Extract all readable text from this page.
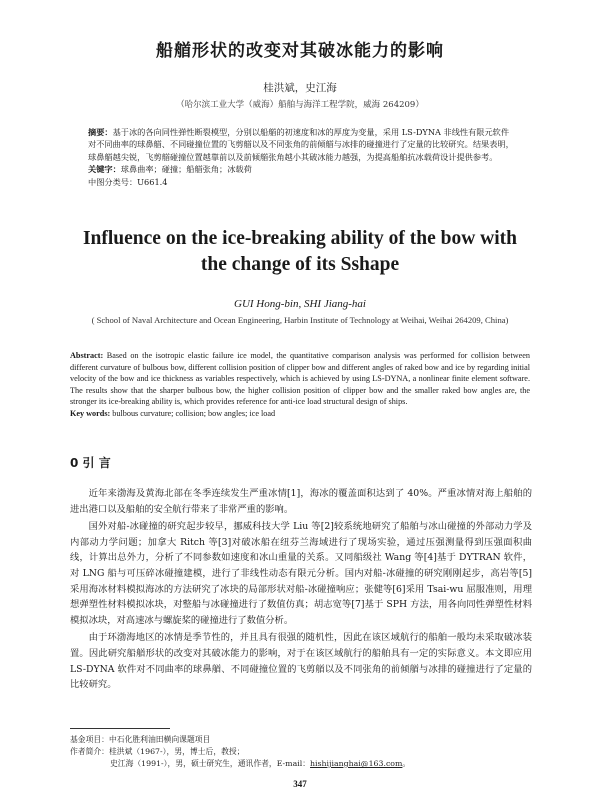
船艏形状的改变对其破冰能力的影响
桂洪斌，史江海
（哈尔滨工业大学（威海）船舶与海洋工程学院，威海 264209）

摘要：基于冰的各向同性弹性断裂模型，分别以船艏的初速度和冰的厚度为变量，采用 LS-DYNA 非线性有限元软件对不同曲率的球鼻艏、不同碰撞位置的飞剪艏以及不同张角的前倾艏与冰排的碰撞进行了定量的比较研究。结果表明，球鼻艏越尖锐，飞剪艏碰撞位置越靠前以及前倾艏张角越小其破冰能力越强，为提高船舶抗冰载荷设计提供参考。

关键字：球鼻曲率；碰撞；船艏张角；冰载荷

中图分类号：U661.4

Influence on the ice-breaking ability of the bow with
the change of its Sshape
GUI Hong-bin, SHI Jiang-hai
( School of Naval Architecture and Ocean Engineering, Harbin Institute of Technology at Weihai, Weihai 264209, China)

Abstract: Based on the isotropic elastic failure ice model, the quantitative comparison analysis was performed for collision between different curvature of bulbous bow, different collision position of clipper bow and different angles of raked bow and ice by regarding initial velocity of the bow and ice thickness as variables respectively, which is achieved by using LS-DYNA, a nonlinear finite element software. The results show that the sharper bulbous bow, the higher collision position of clipper bow and the smaller raked bow angles are, the stronger its ice-breaking ability is, which provides reference for anti-ice load structural design of ships.

Key words: bulbous curvature; collision; bow angles; ice load

0 引 言

近年来渤海及黄海北部在冬季连续发生严重冰情[1]，海冰的覆盖面积达到了 40%。严重冰情对海上船舶的进出港口以及船舶的安全航行带来了非常严重的影响。

国外对船-冰碰撞的研究起步较早，挪威科技大学 Liu 等[2]较系统地研究了船舶与冰山碰撞的外部动力学及内部动力学问题；加拿大 Ritch 等[3]对破冰船在纽芬兰海域进行了现场实验，通过压强测量得到压强面积曲线，计算出总外力，分析了不同参数如速度和冰山重量的关系。又同船级社 Wang 等[4]基于 DYTRAN 软件，对 LNG 船与可压碎冰碰撞建模，进行了非线性动态有限元分析。国内对船-冰碰撞的研究刚刚起步，高岩等[5]采用海冰材料模拟海冰的方法研究了冰块的局部形状对船-冰碰撞响应；张健等[6]采用 Tsai-wu 屈服准则，用理想弹塑性材料模拟冰块，对整船与冰碰撞进行了数值仿真；胡志宽等[7]基于 SPH 方法，用各向同性弹塑性材料模拟冰块，对高速冰与螺旋桨的碰撞进行了数值分析。

由于环渤海地区的冰情是季节性的，并且具有很强的随机性，因此在该区域航行的船舶一般均未采取破冰装置。因此研究船艏形状的改变对其破冰能力的影响，对于在该区域航行的船舶具有一定的实际意义。本文即应用 LS-DYNA 软件对不同曲率的球鼻艏、不同碰撞位置的飞剪艏以及不同张角的前倾艏与冰排的碰撞进行了定量的比较研究。

基金项目：中石化胜利油田横向课题项目

作者简介：桂洪斌（1967-），男，博士后，教授；

史江海（1991-），男，硕士研究生，通讯作者，E-mail：hishijianghai@163.com。

347
